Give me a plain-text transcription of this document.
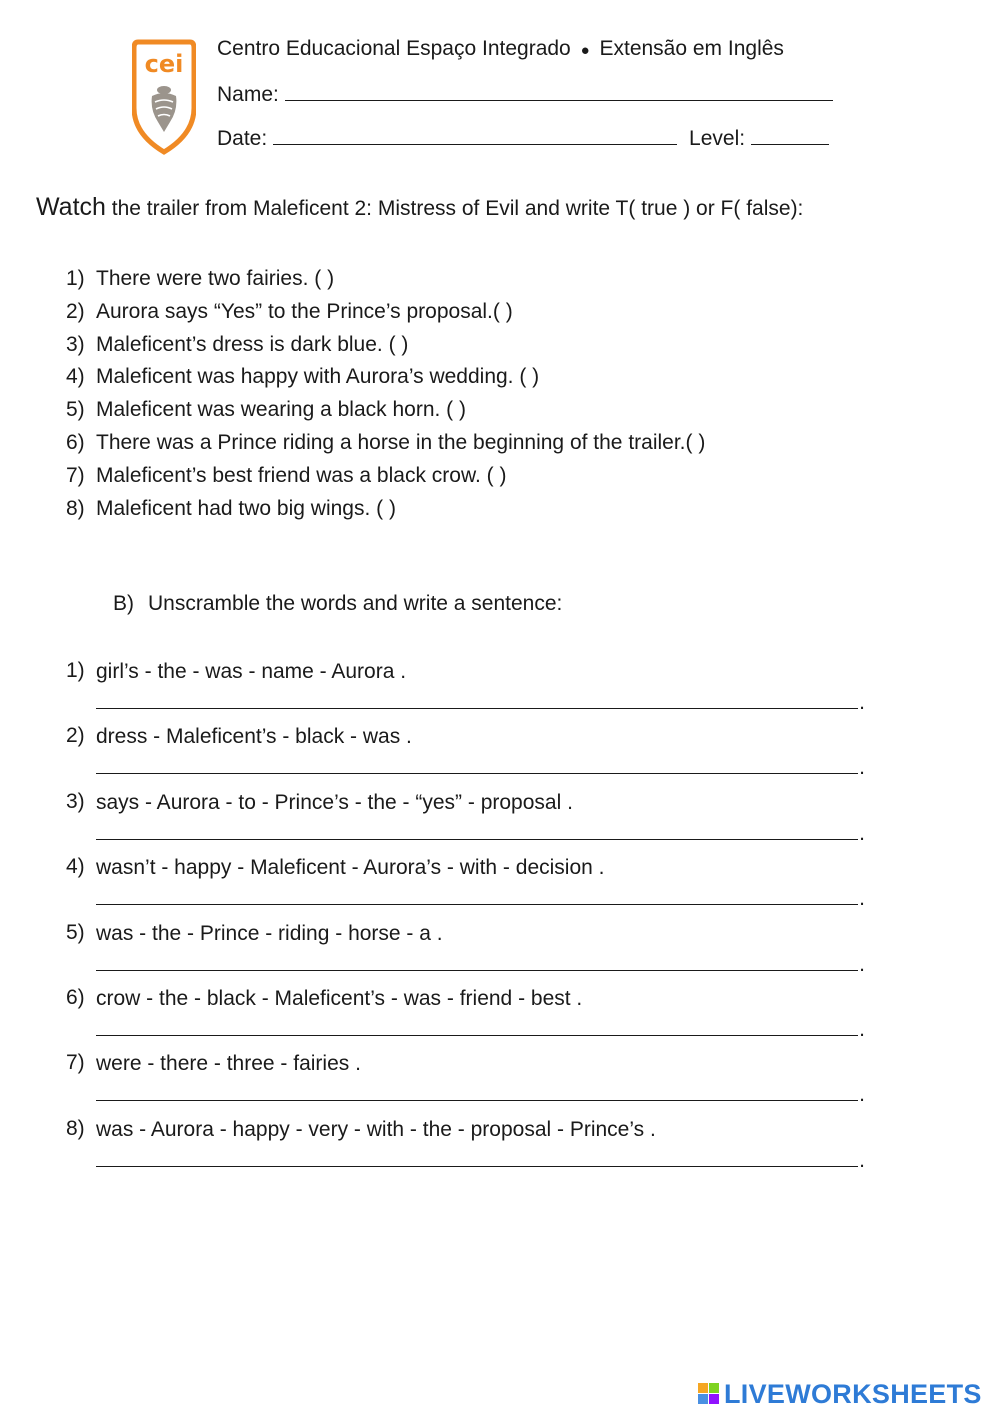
cei
Centro Educacional Espaço Integrado ● Extensão em Inglês
Name:
Date:	Level:
Watch the trailer from Maleficent 2: Mistress of Evil and write T( true ) or F( false):
1) There were two fairies. ( )
2) Aurora says “Yes” to the Prince’s proposal.( )
3) Maleficent’s dress is dark blue. ( )
4) Maleficent was happy with Aurora’s wedding. ( )
5) Maleficent was wearing a black horn. ( )
6) There was a Prince riding a horse in the beginning of the trailer.( )
7) Maleficent’s best friend was a black crow. ( )
8) Maleficent had two big wings. ( )
B) Unscramble the words and write a sentence:
1) girl’s - the - was - name - Aurora .
.
2) dress - Maleficent’s - black - was .
.
3) says - Aurora - to - Prince’s - the - “yes” - proposal .
.
4) wasn’t - happy - Maleficent - Aurora’s - with - decision .
.
5) was - the - Prince - riding - horse - a .
.
6) crow - the - black - Maleficent’s - was - friend - best .
.
7) were - there - three - fairies .
.
8) was - Aurora - happy - very - with - the - proposal - Prince’s .
.
LIVEWORKSHEETS
